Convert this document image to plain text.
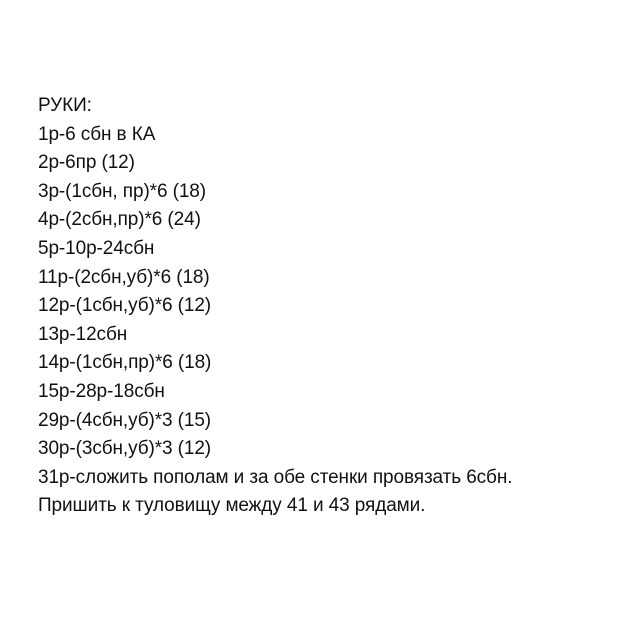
РУКИ:
1р-6 сбн в КА
2р-6пр (12)
3р-(1сбн, пр)*6 (18)
4р-(2сбн,пр)*6 (24)
5р-10р-24сбн
11р-(2сбн,уб)*6 (18)
12р-(1сбн,уб)*6 (12)
13р-12сбн
14р-(1сбн,пр)*6 (18)
15р-28р-18сбн
29р-(4сбн,уб)*3 (15)
30р-(3сбн,уб)*3 (12)
31р-сложить пополам и за обе стенки провязать 6сбн.
Пришить к туловищу между 41 и 43 рядами.
